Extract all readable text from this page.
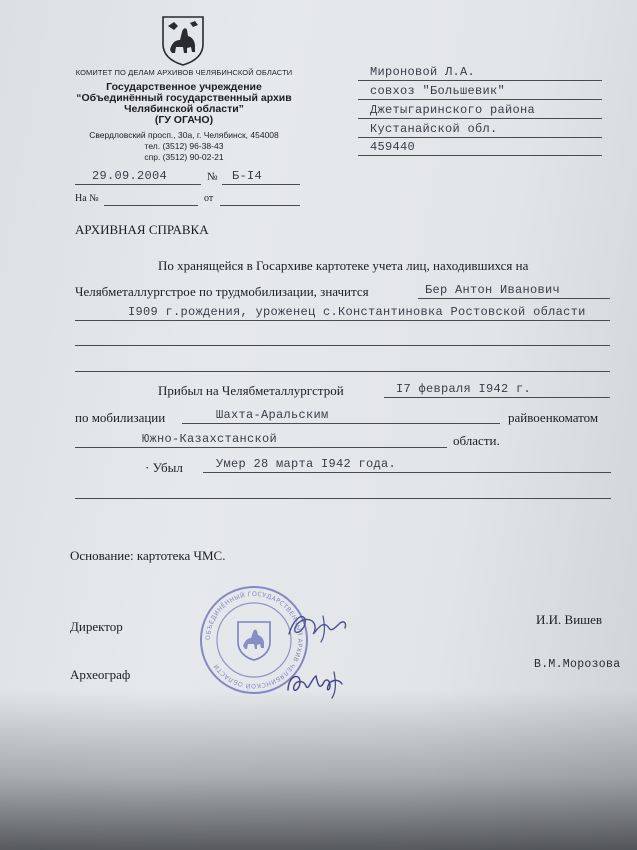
КОМИТЕТ ПО ДЕЛАМ АРХИВОВ ЧЕЛЯБИНСКОЙ ОБЛАСТИ
Государственное учреждение
“Объединённый государственный архив
Челябинской области”
(ГУ ОГАЧО)
Свердловский просп., 30а, г. Челябинск, 454008
тел. (3512) 96-38-43
спр. (3512) 90-02-21
Мироновой Л.А.
совхоз "Большевик"
Джетыгаринского района
Кустанайской обл.
459440
29.09.2004	№ Б-I4
На №	от
АРХИВНАЯ СПРАВКА
По хранящейся в Госархиве картотеке учета лиц, находившихся на
Челябметаллургстрое по трудмобилизации, значится	Бер Антон Иванович
I909 г.рождения, уроженец с.Константиновка Ростовской области
Прибыл на Челябметаллургстрой	I7 февраля I942 г.
по мобилизации	Шахта-Аральским	райвоенкоматом
Южно-Казахстанской	области.
· Убыл	Умер 28 марта I942 года.
Основание: картотека ЧМС.
Директор	И.И. Вишев
Археограф
В.М.Морозова
ОБЪЕДИНЁННЫЙ ГОСУДАРСТВЕННЫЙ АРХИВ ЧЕЛЯБИНСКОЙ ОБЛАСТИ
